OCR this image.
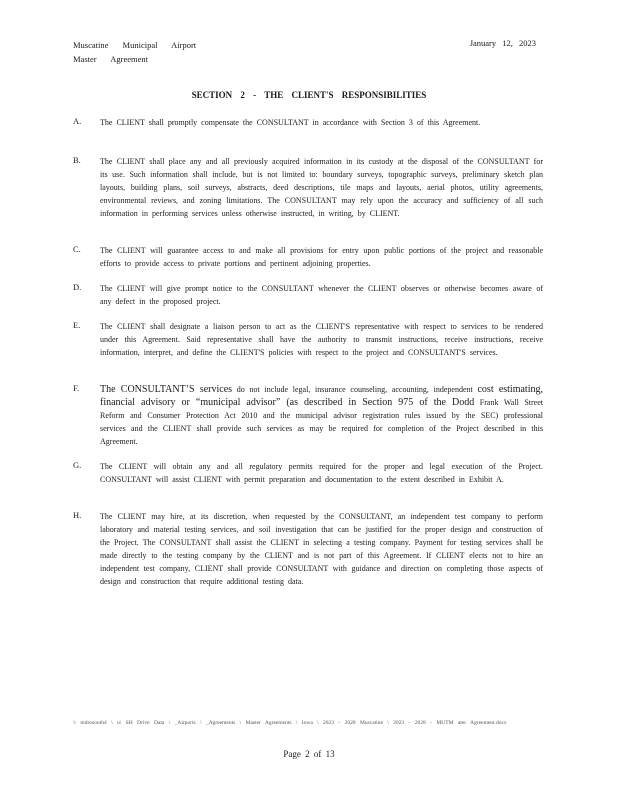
Muscatine Municipal Airport
Master Agreement
January 12, 2023
SECTION 2 - THE CLIENT'S RESPONSIBILITIES
A. The CLIENT shall promptly compensate the CONSULTANT in accordance with Section 3 of this Agreement.
B. The CLIENT shall place any and all previously acquired information in its custody at the disposal of the CONSULTANT for its use. Such information shall include, but is not limited to: boundary surveys, topographic surveys, preliminary sketch plan layouts, building plans, soil surveys, abstracts, deed descriptions, tile maps and layouts, aerial photos, utility agreements, environmental reviews, and zoning limitations. The CONSULTANT may rely upon the accuracy and sufficiency of all such information in performing services unless otherwise instructed, in writing, by CLIENT.
C. The CLIENT will guarantee access to and make all provisions for entry upon public portions of the project and reasonable efforts to provide access to private portions and pertinent adjoining properties.
D. The CLIENT will give prompt notice to the CONSULTANT whenever the CLIENT observes or otherwise becomes aware of any defect in the proposed project.
E. The CLIENT shall designate a liaison person to act as the CLIENT'S representative with respect to services to be rendered under this Agreement. Said representative shall have the authority to transmit instructions, receive instructions, receive information, interpret, and define the CLIENT'S policies with respect to the project and CONSULTANT'S services.
F. The CONSULTANT’S services do not include legal, insurance counseling, accounting, independent cost estimating, financial advisory or “municipal advisor” (as described in Section 975 of the Dodd Frank Wall Street Reform and Consumer Protection Act 2010 and the municipal advisor registration rules issued by the SEC) professional services and the CLIENT shall provide such services as may be required for completion of the Project described in this Agreement.
G. The CLIENT will obtain any and all regulatory permits required for the proper and legal execution of the Project. CONSULTANT will assist CLIENT with permit preparation and documentation to the extent described in Exhibit A.
H. The CLIENT may hire, at its discretion, when requested by the CONSULTANT, an independent test company to perform laboratory and material testing services, and soil investigation that can be justified for the proper design and construction of the Project. The CONSULTANT shall assist the CLIENT in selecting a testing company. Payment for testing services shall be made directly to the testing company by the CLIENT and is not part of this Agreement. If CLIENT elects not to hire an independent test company, CLIENT shall provide CONSULTANT with guidance and direction on completing those aspects of design and construction that require additional testing data.
\\ mdrosouth4 \ u\ SH Drive Data \ _Airports \ _Agreements \ Master Agreements \ Iowa \ 2023 - 2028 Muscatine \ 2023 - 2028 - MUTM ater Agreement.docx
Page 2 of 13
